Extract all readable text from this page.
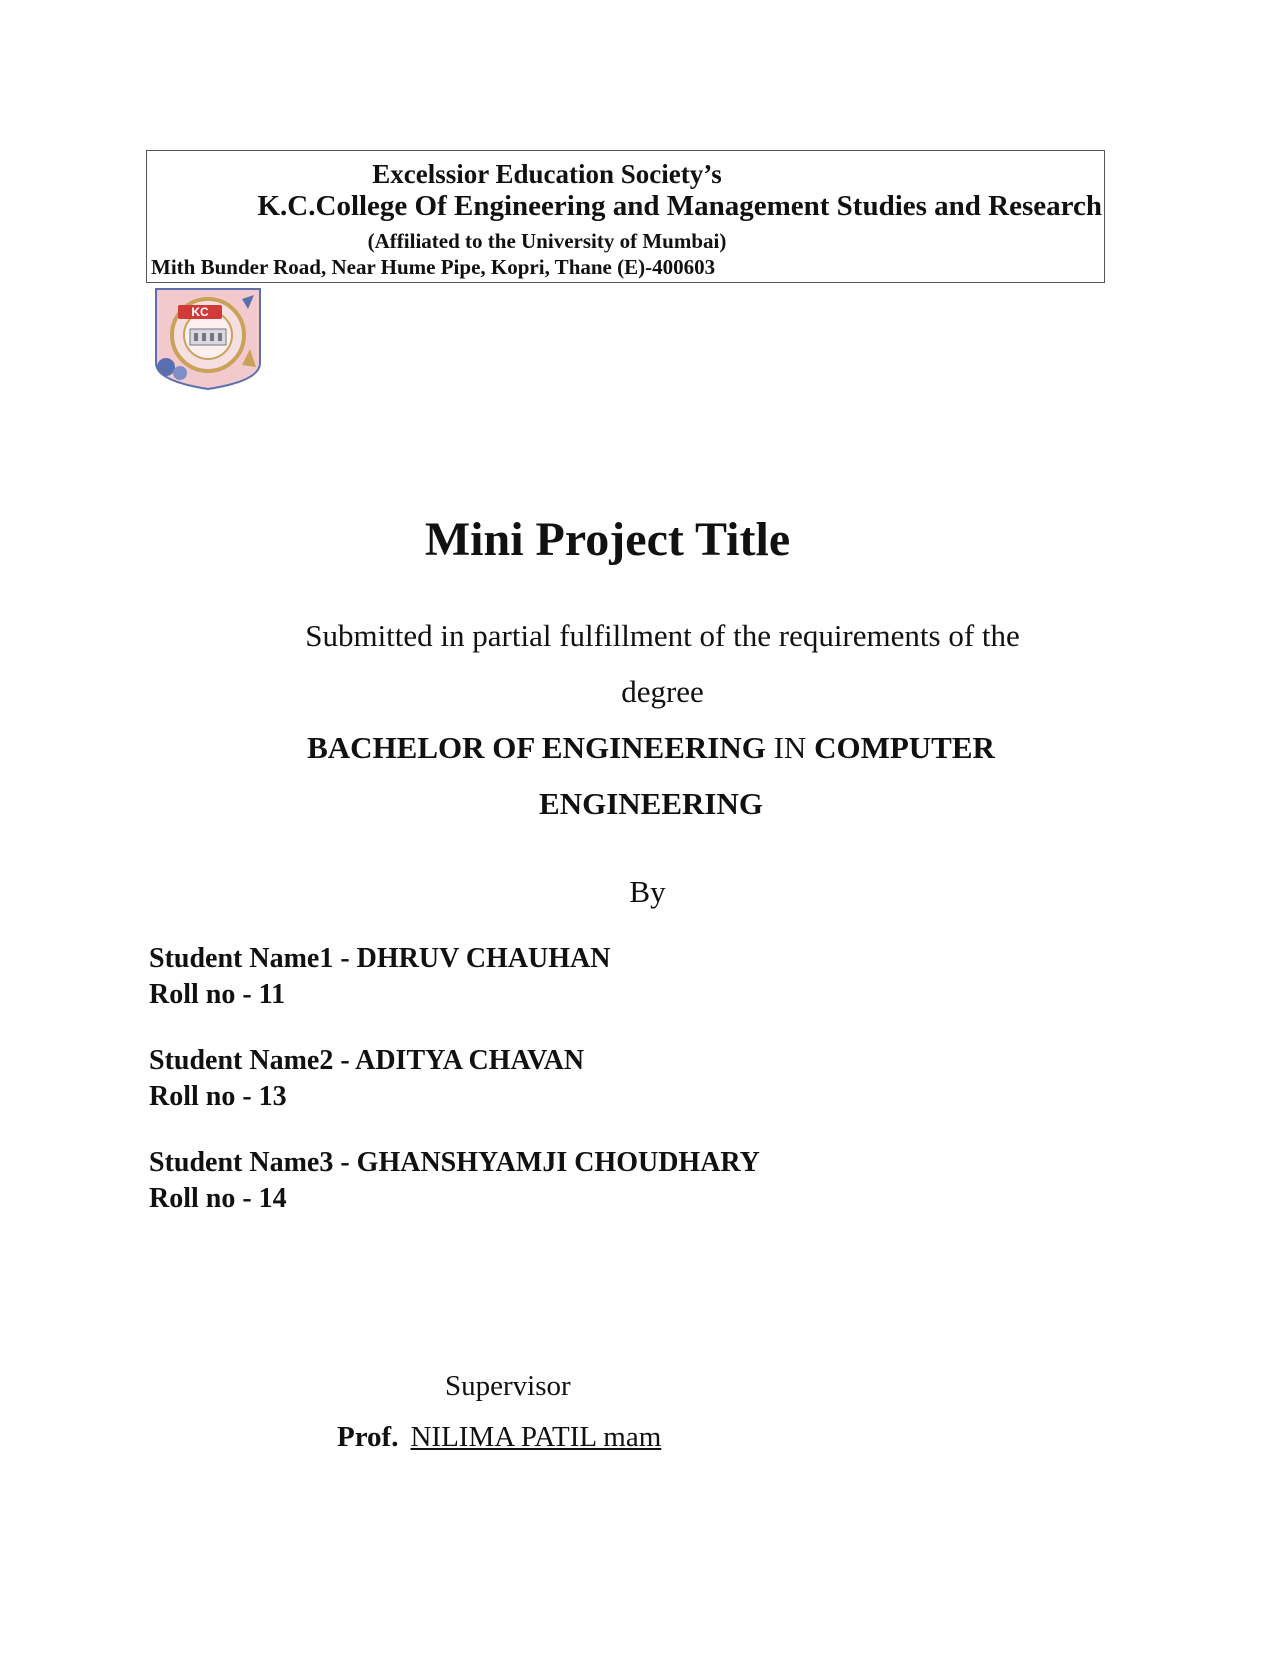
Excelssior Education Society’s
K.C.College Of Engineering and Management Studies and Research
(Affiliated to the University of Mumbai)
Mith Bunder Road, Near Hume Pipe, Kopri, Thane (E)-400603
KC
Mini Project Title
Submitted in partial fulfillment of the requirements of the
degree
BACHELOR OF ENGINEERING IN COMPUTER
ENGINEERING
By
Student Name1 - DHRUV CHAUHAN
Roll no - 11
Student Name2 - ADITYA CHAVAN
Roll no - 13
Student Name3 - GHANSHYAMJI CHOUDHARY
Roll no - 14
Supervisor
Prof. NILIMA PATIL mam
